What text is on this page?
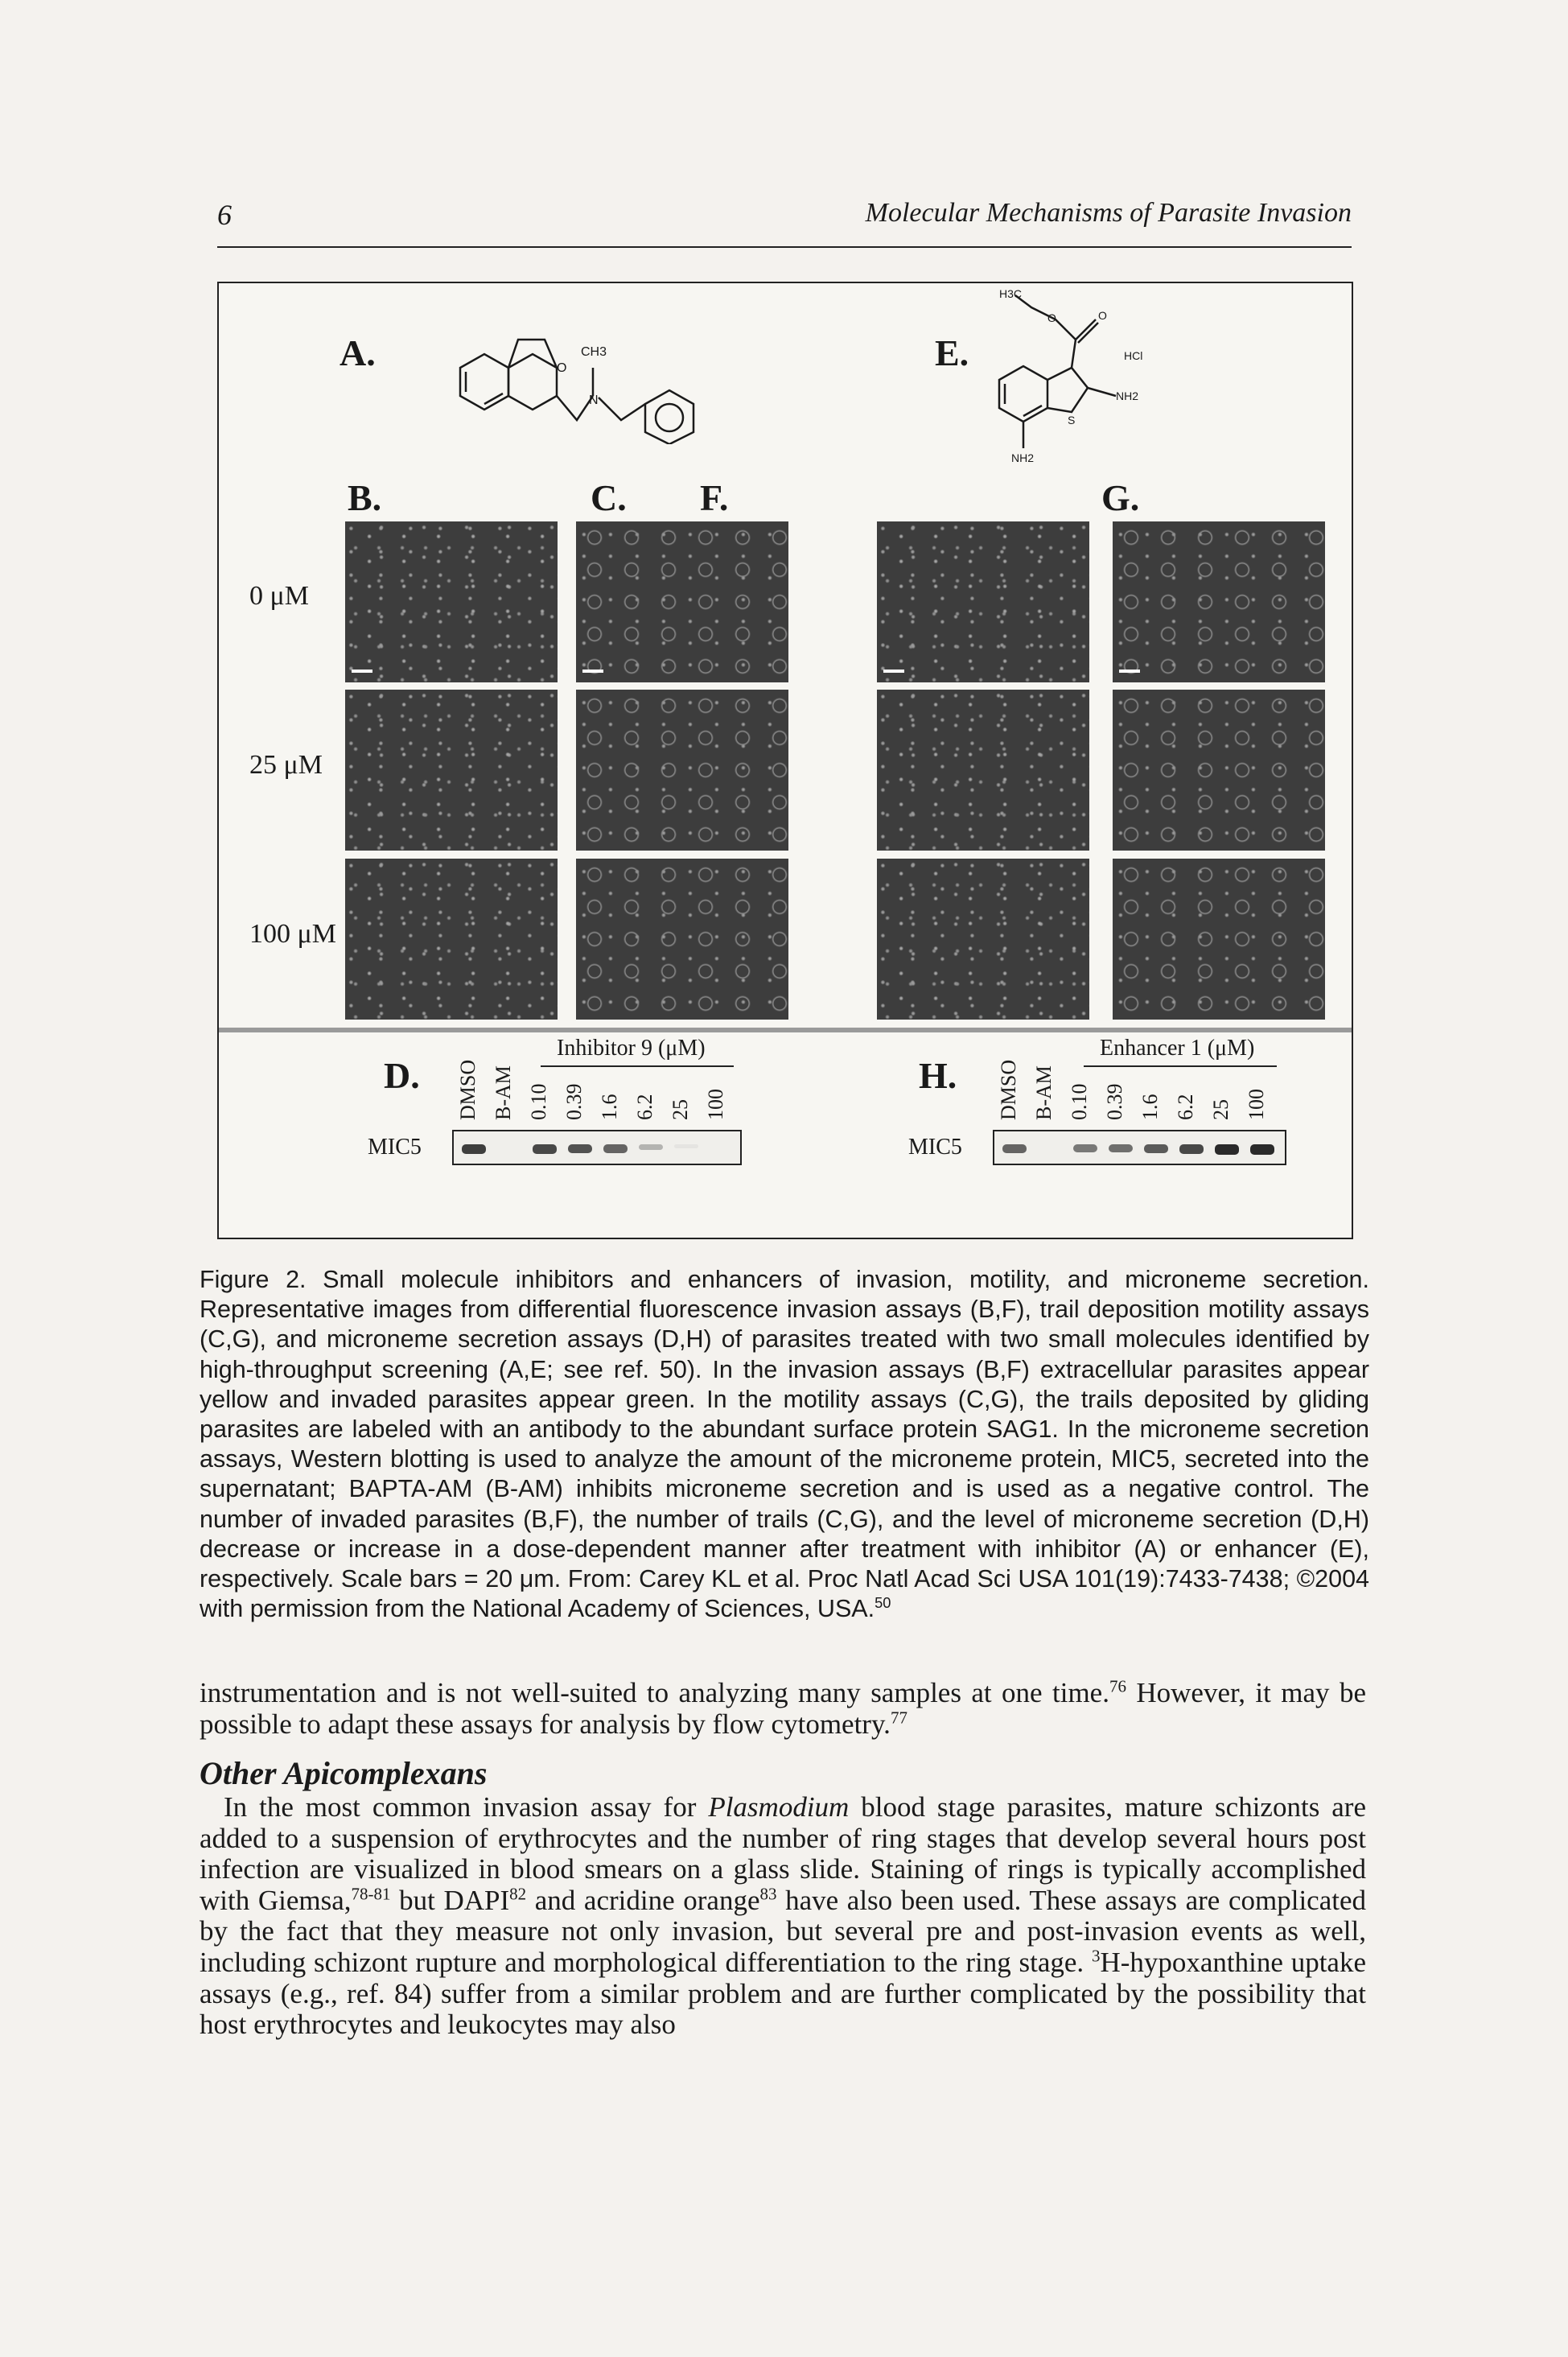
6	Molecular Mechanisms of Parasite Invasion
A.	E.
B.	C. F.	G.
O
CH3
N
H3C
O	O
HCl
NH2
S
NH2
0 μM
25 μM
100 μM
D.
Inhibitor 9 (μM)
DMSO B-AM 0.10 0.39 1.6 6.2 25 100
MIC5
H.
Enhancer 1 (μM)
DMSO B-AM 0.10 0.39 1.6 6.2 25 100
MIC5

Figure 2. Small molecule inhibitors and enhancers of invasion, motility, and microneme secretion. Representative images from differential fluorescence invasion assays (B,F), trail deposition motility assays (C,G), and microneme secretion assays (D,H) of parasites treated with two small molecules identified by high-throughput screening (A,E; see ref. 50). In the invasion assays (B,F) extracellular parasites appear yellow and invaded parasites appear green. In the motility assays (C,G), the trails deposited by gliding parasites are labeled with an antibody to the abundant surface protein SAG1. In the microneme secretion assays, Western blotting is used to analyze the amount of the microneme protein, MIC5, secreted into the supernatant; BAPTA-AM (B-AM) inhibits microneme secretion and is used as a negative control. The number of invaded parasites (B,F), the number of trails (C,G), and the level of microneme secretion (D,H) decrease or increase in a dose-dependent manner after treatment with inhibitor (A) or enhancer (E), respectively. Scale bars = 20 μm. From: Carey KL et al. Proc Natl Acad Sci USA 101(19):7433-7438; ©2004 with permission from the National Academy of Sciences, USA.$^{50}$

instrumentation and is not well-suited to analyzing many samples at one time.$^{76}$ However, it may be possible to adapt these assays for analysis by flow cytometry.$^{77}$

Other Apicomplexans

In the most common invasion assay for Plasmodium blood stage parasites, mature schizonts are added to a suspension of erythrocytes and the number of ring stages that develop several hours post infection are visualized in blood smears on a glass slide. Staining of rings is typically accomplished with Giemsa,$^{78-81}$ but DAPI$^{82}$ and acridine orange$^{83}$ have also been used. These assays are complicated by the fact that they measure not only invasion, but several pre and post-invasion events as well, including schizont rupture and morphological differentiation to the ring stage. $^3$H-hypoxanthine uptake assays (e.g., ref. 84) suffer from a similar problem and are further complicated by the possibility that host erythrocytes and leukocytes may also
